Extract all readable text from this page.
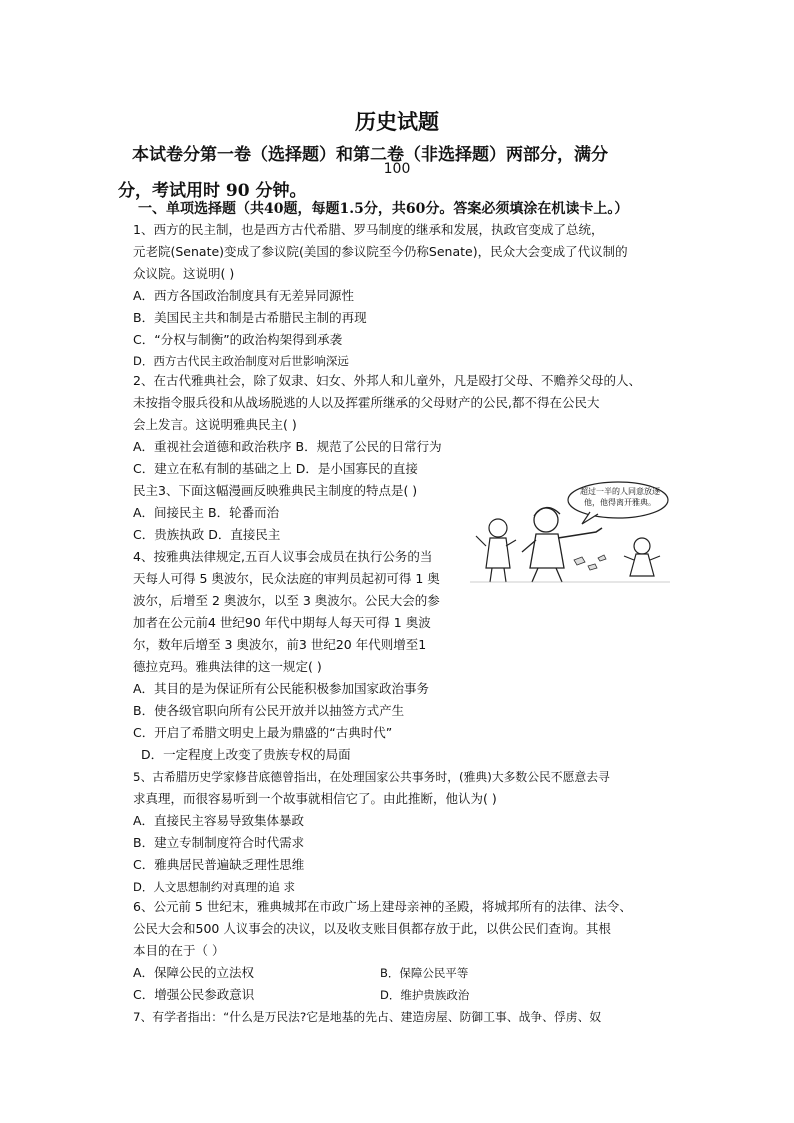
历史试题
本试卷分第一卷（选择题）和第二卷（非选择题）两部分，满分
100
分，考试用时 90 分钟。
一、单项选择题（共40题，每题1.5分，共60分。答案必须填涂在机读卡上。）
1、西方的民主制，也是西方古代希腊、罗马制度的继承和发展，执政官变成了总统，
元老院(Senate)变成了参议院(美国的参议院至今仍称Senate)，民众大会变成了代议制的
众议院。这说明( )
A．西方各国政治制度具有无差异同源性
B．美国民主共和制是古希腊民主制的再现
C．“分权与制衡”的政治构架得到承袭
D．西方古代民主政治制度对后世影响深远
2、在古代雅典社会，除了奴隶、妇女、外邦人和儿童外，凡是殴打父母、不赡养父母的人、
未按指令服兵役和从战场脱逃的人以及挥霍所继承的父母财产的公民,都不得在公民大
会上发言。这说明雅典民主( )
A．重视社会道德和政治秩序 B．规范了公民的日常行为
C．建立在私有制的基础之上 D．是小国寡民的直接
民主3、下面这幅漫画反映雅典民主制度的特点是( )
A．间接民主 B．轮番而治
C．贵族执政 D．直接民主
超过一半的人同意放逐他，他得离开雅典。
4、按雅典法律规定,五百人议事会成员在执行公务的当
天每人可得 5 奥波尔，民众法庭的审判员起初可得 1 奥
波尔，后增至 2 奥波尔，以至 3 奥波尔。公民大会的参
加者在公元前4 世纪90 年代中期每人每天可得 1 奥波
尔，数年后增至 3 奥波尔，前3 世纪20 年代则增至1
德拉克玛。雅典法律的这一规定( )
A．其目的是为保证所有公民能积极参加国家政治事务
B．使各级官职向所有公民开放并以抽签方式产生
C．开启了希腊文明史上最为鼎盛的“古典时代”
D．一定程度上改变了贵族专权的局面
5、古希腊历史学家修昔底德曾指出，在处理国家公共事务时，(雅典)大多数公民不愿意去寻
求真理，而很容易听到一个故事就相信它了。由此推断，他认为( )
A．直接民主容易导致集体暴政
B．建立专制制度符合时代需求
C．雅典居民普遍缺乏理性思维
D．人文思想制约对真理的追 求
6、公元前 5 世纪末，雅典城邦在市政广场上建母亲神的圣殿，将城邦所有的法律、法令、
公民大会和500 人议事会的决议，以及收支账目俱都存放于此，以供公民们查询。其根
本目的在于（ ）
A．保障公民的立法权	B．保障公民平等
C．增强公民参政意识	D．维护贵族政治
7、有学者指出：“什么是万民法?它是地基的先占、建造房屋、防御工事、战争、俘虏、奴
